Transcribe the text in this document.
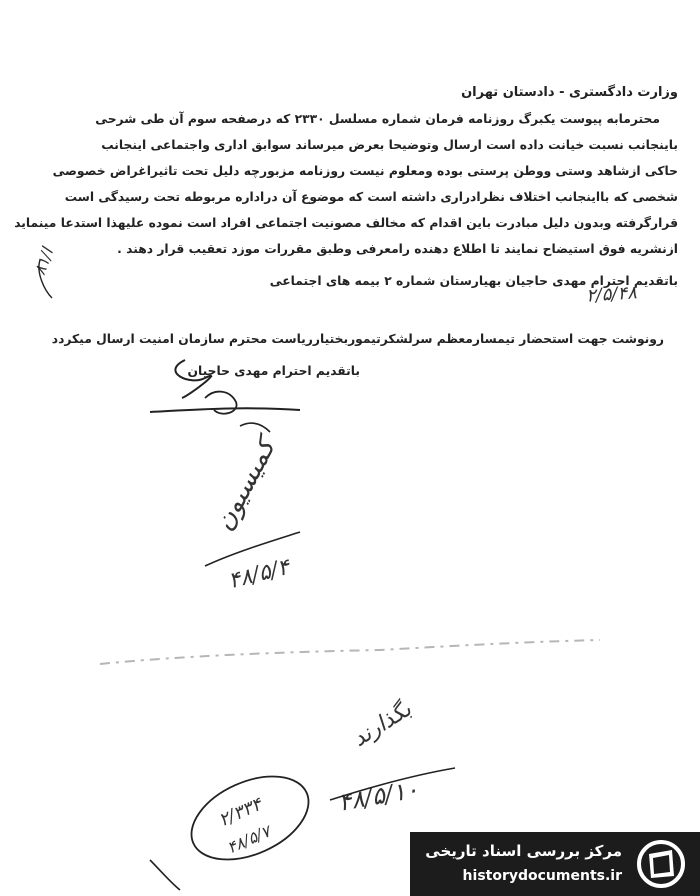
وزارت دادگستری - دادستان تهران
محترمابه پیوست یکبرگ روزنامه فرمان شماره مسلسل ۲۳۳۰ که درصفحه سوم آن طی شرحی
باینجانب نسبت خیانت داده است ارسال وتوضیحا بعرض میرساند سوابق اداری واجتماعی اینجانب
حاکی ازشاهد وستی ووطن پرستی بوده ومعلوم نیست روزنامه مزبورچه دلیل تحت تاثیراغراض خصوصی
شخصی که بااینجانب اختلاف نظرادراری داشته است که موضوع آن دراداره مربوطه تحت رسیدگی است
قرارگرفته وبدون دلیل مبادرت باین اقدام که مخالف مصونیت اجتماعی افراد است نموده علیهذا استدعا مینماید
ازنشریه فوق استیضاح نمایند تا اطلاع دهنده رامعرفی وطبق مقررات موزد تعقیب قرار دهند .
باتقدیم احترام مهدی حاجیان بهیارستان شماره ۲ بیمه های اجتماعی
رونوشت جهت استحضار تیمسارمعظم سرلشکرتیموربختیارریاست محترم سازمان امنیت ارسال میکردد
باتقدیم احترام مهدی حاجیان
۲/۵/۴۸
ا/۸۱
کمیسیون
۴۸/۵/۴
بگذارند
۴۸/۵/۱۰
۲/۳۳۴
۴۸/۵/۷	مرکز بررسی اسناد تاریخی
historydocuments.ir
